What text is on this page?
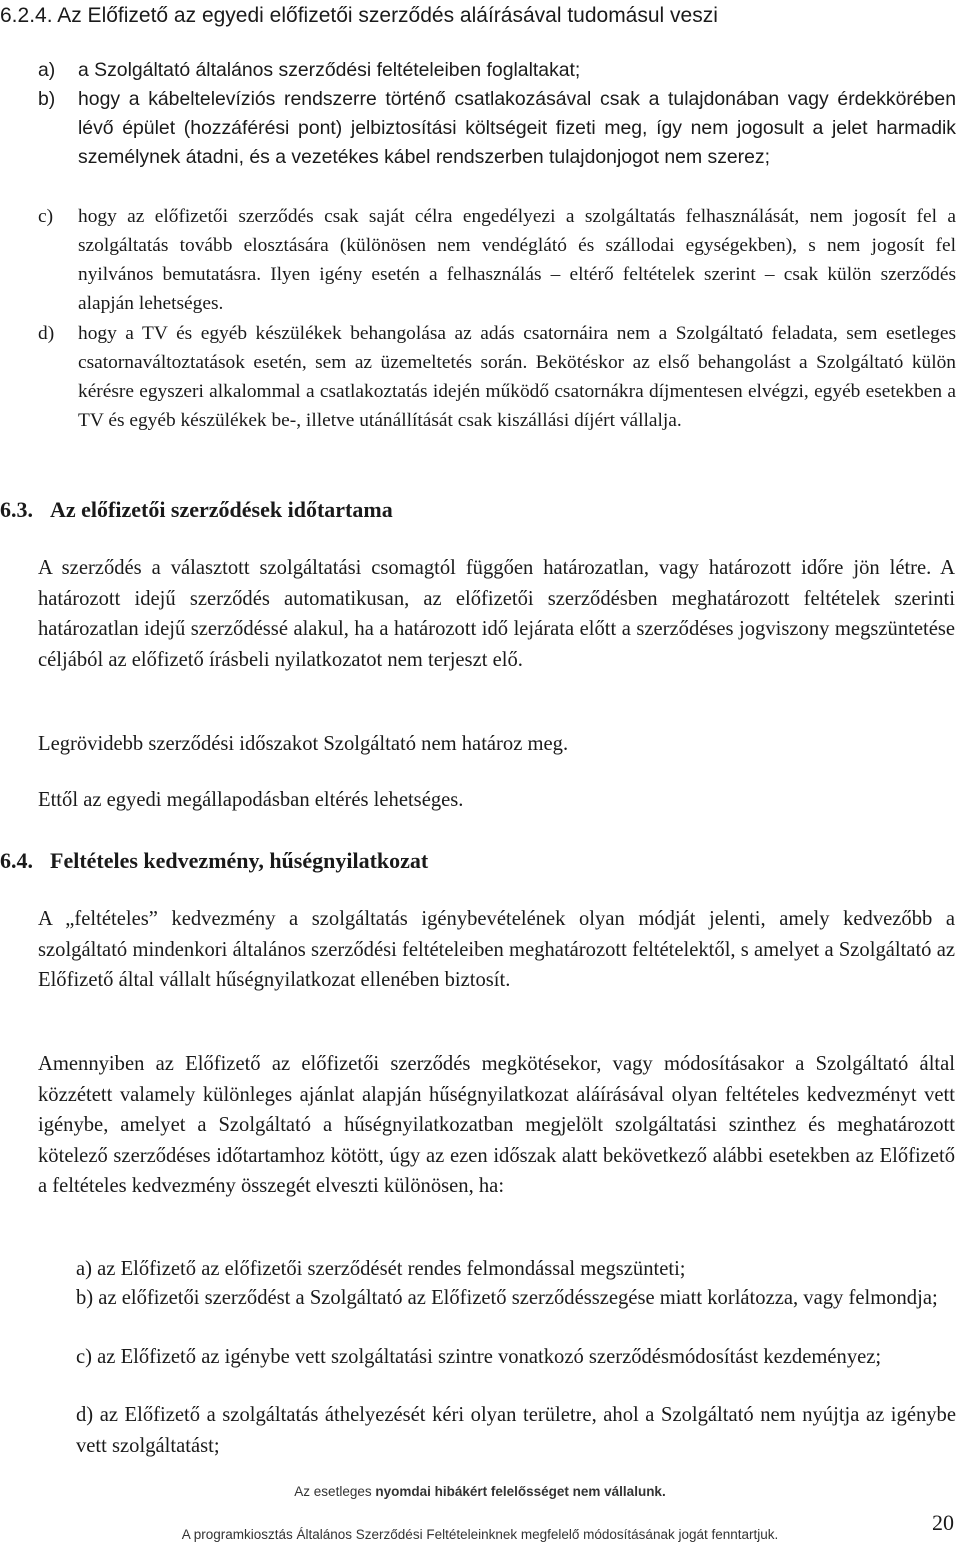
6.2.4. Az Előfizető az egyedi előfizetői szerződés aláírásával tudomásul veszi
a) a Szolgáltató általános szerződési feltételeiben foglaltakat;
b) hogy a kábeltelevíziós rendszerre történő csatlakozásával csak a tulajdonában vagy érdekkörében lévő épület (hozzáférési pont) jelbiztosítási költségeit fizeti meg, így nem jogosult a jelet harmadik személynek átadni, és a vezetékes kábel rendszerben tulajdonjogot nem szerez;
c) hogy az előfizetői szerződés csak saját célra engedélyezi a szolgáltatás felhasználását, nem jogosít fel a szolgáltatás tovább elosztására (különösen nem vendéglátó és szállodai egységekben), s nem jogosít fel nyilvános bemutatásra. Ilyen igény esetén a felhasználás – eltérő feltételek szerint – csak külön szerződés alapján lehetséges.
d) hogy a TV és egyéb készülékek behangolása az adás csatornáira nem a Szolgáltató feladata, sem esetleges csatornaváltoztatások esetén, sem az üzemeltetés során. Bekötéskor az első behangolást a Szolgáltató külön kérésre egyszeri alkalommal a csatlakoztatás idején működő csatornákra díjmentesen elvégzi, egyéb esetekben a TV és egyéb készülékek be-, illetve utánállítását csak kiszállási díjért vállalja.
6.3. Az előfizetői szerződések időtartama
A szerződés a választott szolgáltatási csomagtól függően határozatlan, vagy határozott időre jön létre. A határozott idejű szerződés automatikusan, az előfizetői szerződésben meghatározott feltételek szerinti határozatlan idejű szerződéssé alakul, ha a határozott idő lejárata előtt a szerződéses jogviszony megszüntetése céljából az előfizető írásbeli nyilatkozatot nem terjeszt elő.
Legrövidebb szerződési időszakot Szolgáltató nem határoz meg.
Ettől az egyedi megállapodásban eltérés lehetséges.
6.4. Feltételes kedvezmény, hűségnyilatkozat
A „feltételes” kedvezmény a szolgáltatás igénybevételének olyan módját jelenti, amely kedvezőbb a szolgáltató mindenkori általános szerződési feltételeiben meghatározott feltételektől, s amelyet a Szolgáltató az Előfizető által vállalt hűségnyilatkozat ellenében biztosít.
Amennyiben az Előfizető az előfizetői szerződés megkötésekor, vagy módosításakor a Szolgáltató által közzétett valamely különleges ajánlat alapján hűségnyilatkozat aláírásával olyan feltételes kedvezményt vett igénybe, amelyet a Szolgáltató a hűségnyilatkozatban megjelölt szolgáltatási szinthez és meghatározott kötelező szerződéses időtartamhoz kötött, úgy az ezen időszak alatt bekövetkező alábbi esetekben az Előfizető a feltételes kedvezmény összegét elveszti különösen, ha:
a) az Előfizető az előfizetői szerződését rendes felmondással megszünteti;
b) az előfizetői szerződést a Szolgáltató az Előfizető szerződésszegése miatt korlátozza, vagy felmondja;
c) az Előfizető az igénybe vett szolgáltatási szintre vonatkozó szerződésmódosítást kezdeményez;
d) az Előfizető a szolgáltatás áthelyezését kéri olyan területre, ahol a Szolgáltató nem nyújtja az igénybe vett szolgáltatást;
Az esetleges nyomdai hibákért felelősséget nem vállalunk.
20
A programkiosztás Általános Szerződési Feltételeinknek megfelelő módosításának jogát fenntartjuk.
